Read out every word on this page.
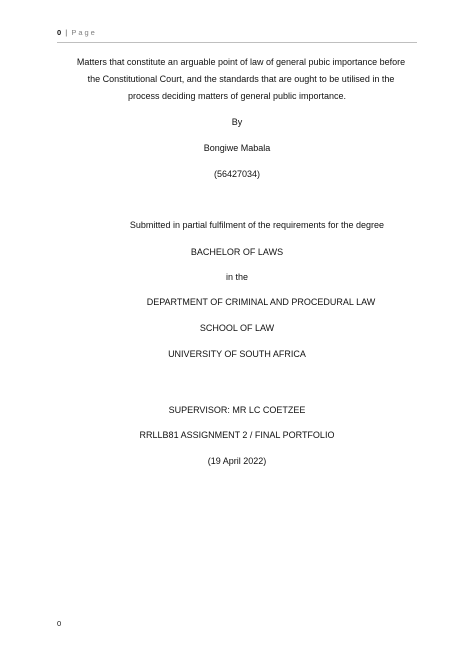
0 | Page
Matters that constitute an arguable point of law of general pubic importance before
the Constitutional Court, and the standards that are ought to be utilised in the
process deciding matters of general public importance.
By
Bongiwe Mabala
(56427034)
Submitted in partial fulfilment of the requirements for the degree
BACHELOR OF LAWS
in the
DEPARTMENT OF CRIMINAL AND PROCEDURAL LAW
SCHOOL OF LAW
UNIVERSITY OF SOUTH AFRICA
SUPERVISOR: MR LC COETZEE
RRLLB81 ASSIGNMENT 2 / FINAL PORTFOLIO
(19 April 2022)
0
